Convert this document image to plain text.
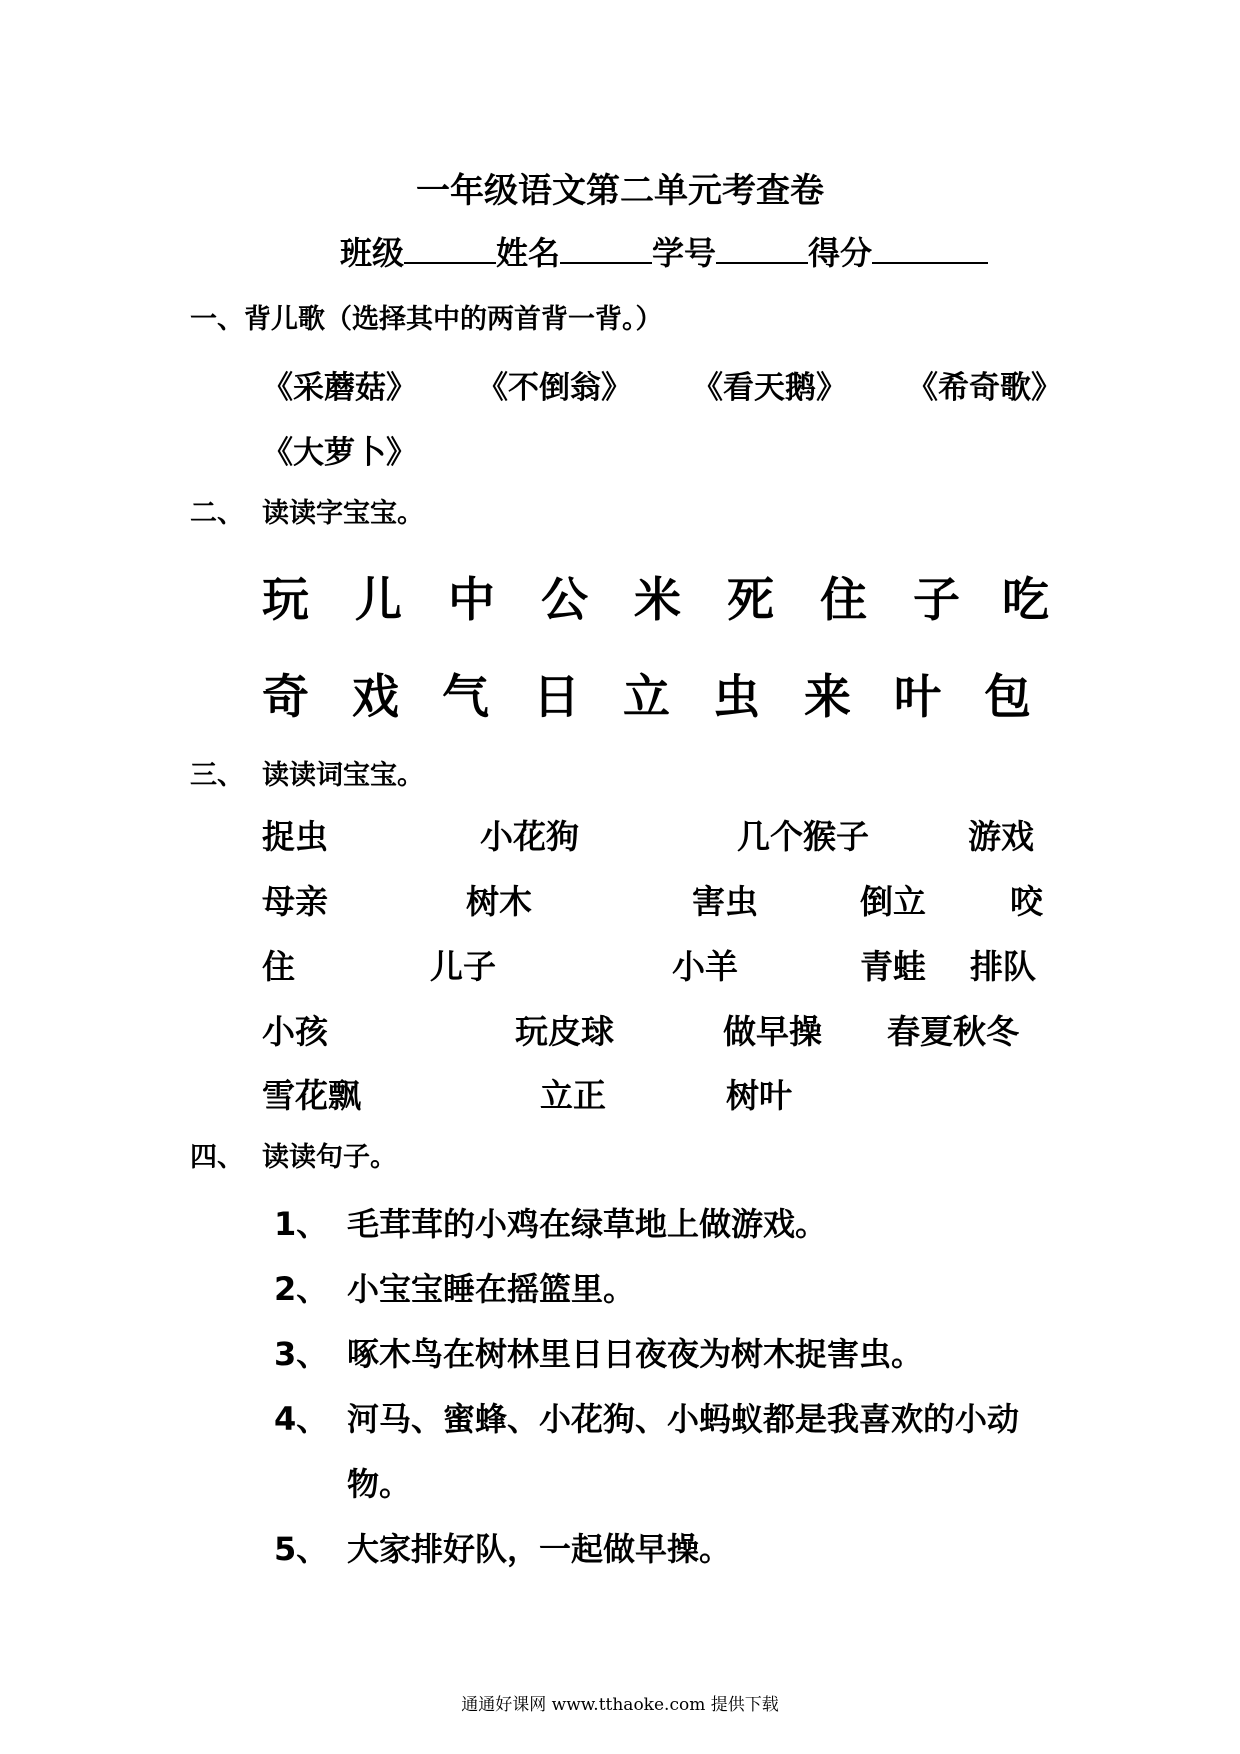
一年级语文第二单元考查卷
班级	姓名	学号	得分
一、背儿歌（选择其中的两首背一背。）
《采蘑菇》 《不倒翁》 《看天鹅》 《希奇歌》
《大萝卜》
二、 读读字宝宝。
玩 儿 中 公 米 死 住 子 吃
奇 戏 气 日 立 虫 来 叶 包
三、 读读词宝宝。
捉虫	小花狗	几个猴子	游戏
母亲	树木	害虫	倒立	咬
住	儿子	小羊	青蛙 排队
小孩	玩皮球	做早操 春夏秋冬
雪花飘	立正	树叶
四、 读读句子。
1、 毛茸茸的小鸡在绿草地上做游戏。
2、 小宝宝睡在摇篮里。
3、 啄木鸟在树林里日日夜夜为树木捉害虫。
4、 河马、蜜蜂、小花狗、小蚂蚁都是我喜欢的小动
物。
5、 大家排好队，一起做早操。
通通好课网 www.tthaoke.com 提供下载
